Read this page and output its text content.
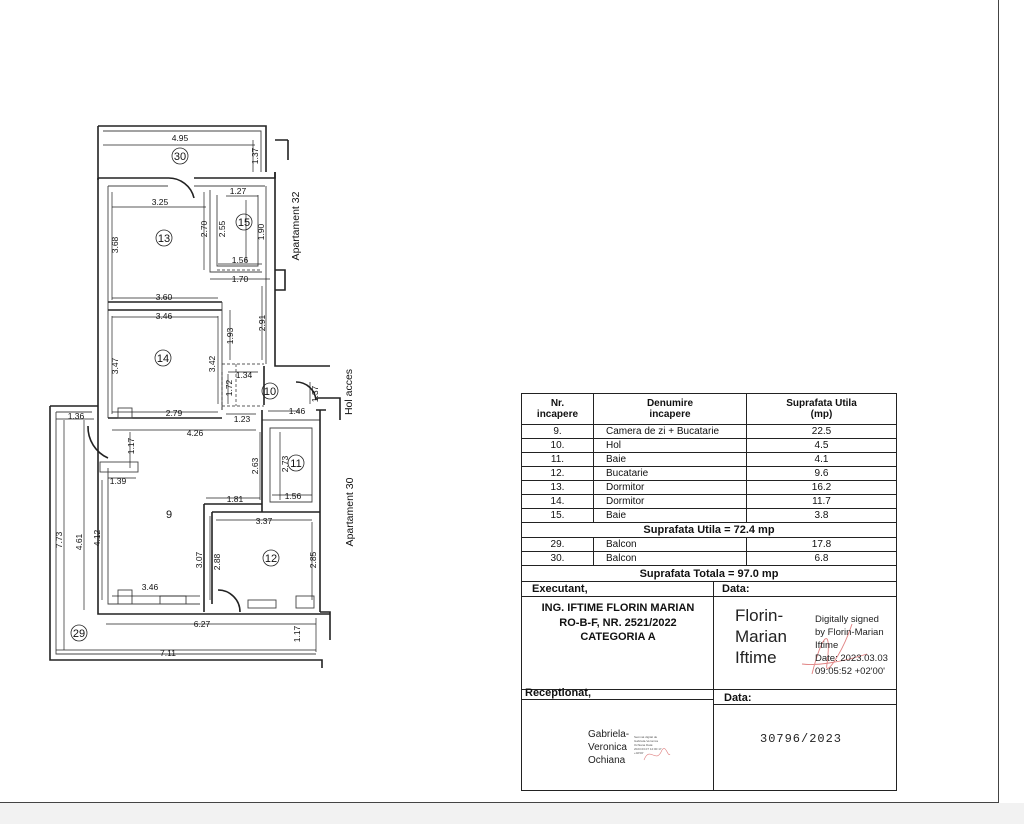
30
13
15
14
10
11
9
12
29
4.95
1.27
3.25
1.56
1.70
3.60
3.46
1.34
2.79
1.23
1.46
1.36
4.26
1.39
1.81	1.56
3.37
3.46
6.27
7.11
1.37
2.70 2.55	1.90
3.68
2.91
1.93
3.47	3.42
1.72	1.37
1.17
2.63 2.73
7.73 4.61 4.12
3.07 2.88	2.85
1.17
Apartament 32
Apartament 30
Hol acces	Nr.
incapere
Denumire
incapere
Suprafata Utila
(mp)
9.	Camera de zi + Bucatarie	22.5
10.	Hol	4.5
11.	Baie	4.1
12.	Bucatarie	9.6
13.	Dormitor	16.2
14.	Dormitor	11.7
15.	Baie	3.8
Suprafata Utila = 72.4 mp
29.	Balcon	17.8
30.	Balcon	6.8
Suprafata Totala = 97.0 mp
Executant,
ING. IFTIME FLORIN MARIAN
RO-B-F, NR. 2521/2022
CATEGORIA A
Data:
Florin-
Marian
Iftime
Digitally signed
by Florin-Marian
Iftime
Date: 2023.03.03
09:05:52 +02'00'
Receptionat,	Data:
Gabriela-
Veronica
Ochiana
Semnat digital de Gabriela-Veronica Ochiana Data: 2023.03.07 12:00:17 +02'00'
30796/2023
